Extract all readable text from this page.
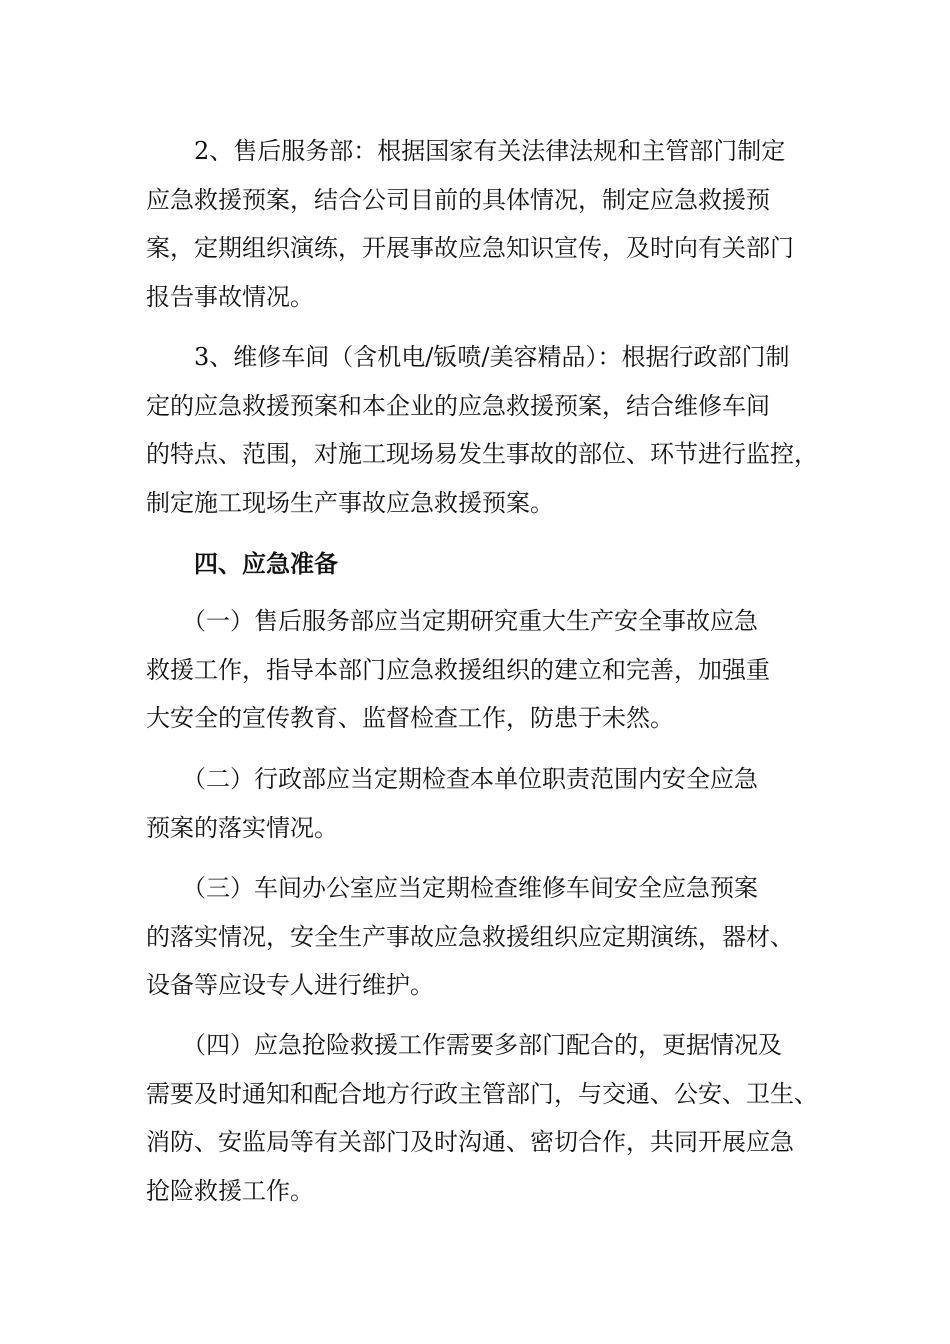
　　2、售后服务部：根据国家有关法律法规和主管部门制定
应急救援预案，结合公司目前的具体情况，制定应急救援预
案，定期组织演练，开展事故应急知识宣传，及时向有关部门
报告事故情况。
　　3、维修车间（含机电/钣喷/美容精品）：根据行政部门制
定的应急救援预案和本企业的应急救援预案，结合维修车间
的特点、范围，对施工现场易发生事故的部位、环节进行监控，
制定施工现场生产事故应急救援预案。
四、应急准备
　　（一）售后服务部应当定期研究重大生产安全事故应急
救援工作，指导本部门应急救援组织的建立和完善，加强重
大安全的宣传教育、监督检查工作，防患于未然。
　　（二）行政部应当定期检查本单位职责范围内安全应急
预案的落实情况。
　　（三）车间办公室应当定期检查维修车间安全应急预案
的落实情况，安全生产事故应急救援组织应定期演练，器材、
设备等应设专人进行维护。
　　（四）应急抢险救援工作需要多部门配合的，更据情况及
需要及时通知和配合地方行政主管部门，与交通、公安、卫生、
消防、安监局等有关部门及时沟通、密切合作，共同开展应急
抢险救援工作。
